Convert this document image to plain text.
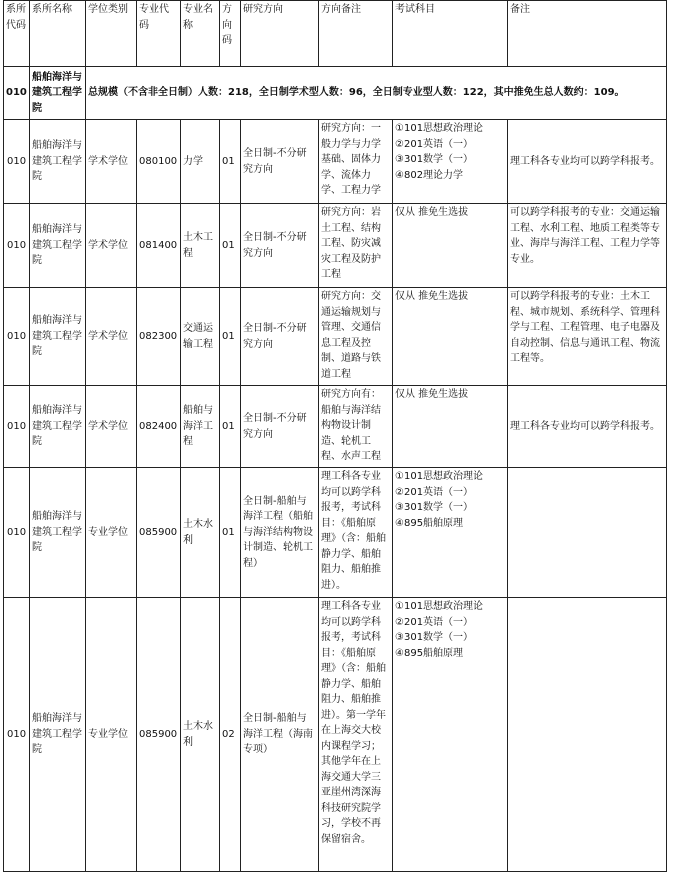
系所代码	系所名称	学位类别	专业代码	专业名称	方向码	研究方向	方向备注	考试科目	备注
010	船舶海洋与建筑工程学院	总规模（不含非全日制）人数：218，全日制学术型人数：96，全日制专业型人数：122，其中推免生总人数约：109。							
010	船舶海洋与建筑工程学院	学术学位	080100	力学	01	全日制-不分研究方向	研究方向：一般力学与力学基础、固体力学、流体力学、工程力学	①101思想政治理论
②201英语（一）
③301数学（一）
④802理论力学	理工科各专业均可以跨学科报考。
010	船舶海洋与建筑工程学院	学术学位	081400	土木工程	01	全日制-不分研究方向	研究方向：岩土工程、结构工程、防灾减灾工程及防护工程	仅从 推免生选拔	可以跨学科报考的专业：交通运输工程、水利工程、地质工程类等专业、海岸与海洋工程、工程力学等专业。
010	船舶海洋与建筑工程学院	学术学位	082300	交通运输工程	01	全日制-不分研究方向	研究方向：交通运输规划与管理、交通信息工程及控制、道路与铁道工程	仅从 推免生选拔	可以跨学科报考的专业：土木工程、城市规划、系统科学、管理科学与工程、工程管理、电子电器及自动控制、信息与通讯工程、物流工程等。
010	船舶海洋与建筑工程学院	学术学位	082400	船舶与海洋工程	01	全日制-不分研究方向	研究方向有：船舶与海洋结构物设计制造、轮机工程、水声工程	仅从 推免生选拔	理工科各专业均可以跨学科报考。
010	船舶海洋与建筑工程学院	专业学位	085900	土木水利	01	全日制-船舶与海洋工程（船舶与海洋结构物设计制造、轮机工程）	理工科各专业均可以跨学科报考，考试科目：《船舶原理》（含：船舶静力学、船舶阻力、船舶推进）。	①101思想政治理论
②201英语（一）
③301数学（一）
④895船舶原理	
010	船舶海洋与建筑工程学院	专业学位	085900	土木水利	02	全日制-船舶与海洋工程（海南专项）	理工科各专业均可以跨学科报考，考试科目：《船舶原理》（含：船舶静力学、船舶阻力、船舶推进）。第一学年在上海交大校内课程学习；其他学年在上海交通大学三亚崖州湾深海科技研究院学习，学校不再保留宿舍。	①101思想政治理论
②201英语（一）
③301数学（一）
④895船舶原理	
